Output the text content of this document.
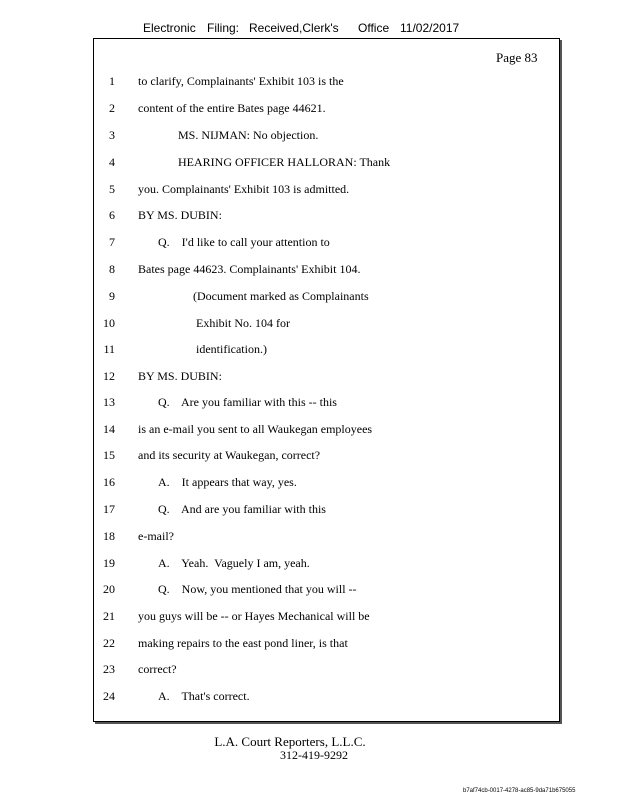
Electronic Filing: Received,Clerk's Office 11/02/2017
Page 83
1 to clarify, Complainants' Exhibit 103 is the
2 content of the entire Bates page 44621.
3	MS. NIJMAN: No objection.
4	HEARING OFFICER HALLORAN: Thank
5 you. Complainants' Exhibit 103 is admitted.
6 BY MS. DUBIN:
7	Q.    I'd like to call your attention to
8 Bates page 44623. Complainants' Exhibit 104.
9	(Document marked as Complainants
10	Exhibit No. 104 for
11	identification.)
12 BY MS. DUBIN:
13	Q.    Are you familiar with this -- this
14 is an e-mail you sent to all Waukegan employees
15 and its security at Waukegan, correct?
16	A.    It appears that way, yes.
17	Q.    And are you familiar with this
18 e-mail?
19	A.    Yeah.  Vaguely I am, yeah.
20	Q.    Now, you mentioned that you will --
21 you guys will be -- or Hayes Mechanical will be
22 making repairs to the east pond liner, is that
23 correct?
24	A.    That's correct.
L.A. Court Reporters, L.L.C.
312-419-9292
b7af74cb-0017-4278-ac85-9da71b675055
